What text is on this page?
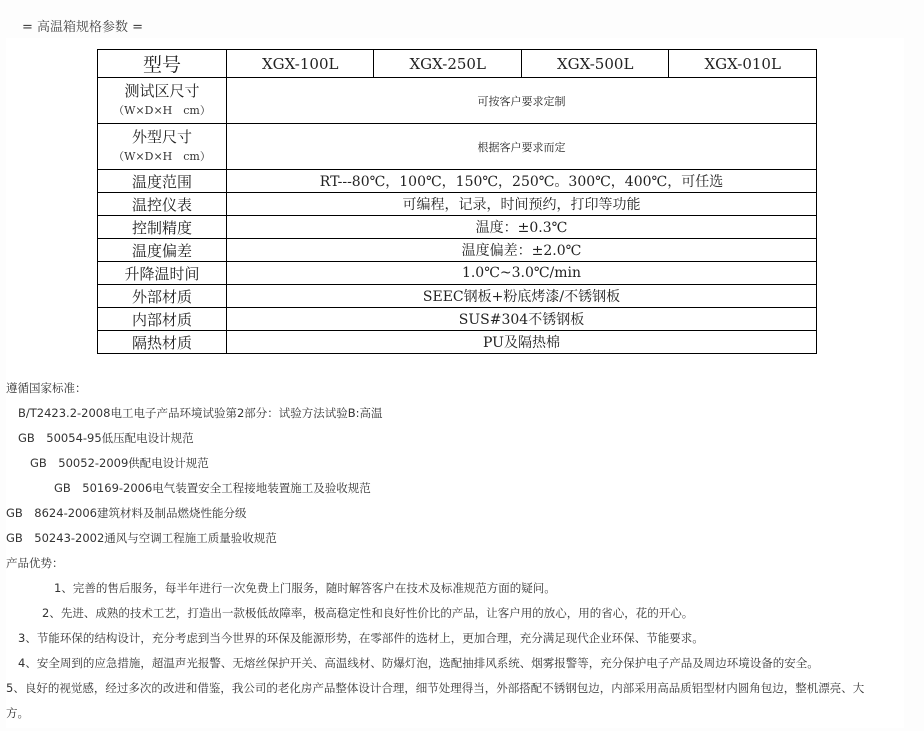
= 高温箱规格参数 =
型号	XGX-100L	XGX-250L	XGX-500L	XGX-010L

测试区尺寸
（W×D×H　cm）	可按客户要求定制			

外型尺寸
（W×D×H　cm）	根据客户要求而定			
温度范围	RT---80℃，100℃，150℃，250℃。300℃，400℃，可任选			
温控仪表	可编程，记录，时间预约，打印等功能			
控制精度	温度：±0.3℃			
温度偏差	温度偏差：±2.0℃			
升降温时间	1.0℃~3.0℃/min			
外部材质	SEEC钢板+粉底烤漆/不锈钢板			
内部材质	SUS#304不锈钢板			
隔热材质	PU及隔热棉			
遵循国家标准：
B/T2423.2-2008电工电子产品环境试验第2部分：试验方法试验B:高温
GB　50054-95低压配电设计规范
GB　50052-2009供配电设计规范
GB　50169-2006电气装置安全工程接地装置施工及验收规范
GB　8624-2006建筑材料及制品燃烧性能分级
GB　50243-2002通风与空调工程施工质量验收规范
产品优势：
1、完善的售后服务，每半年进行一次免费上门服务，随时解答客户在技术及标准规范方面的疑问。
2、先进、成熟的技术工艺，打造出一款极低故障率，极高稳定性和良好性价比的产品，让客户用的放心，用的省心，花的开心。
3、节能环保的结构设计，充分考虑到当今世界的环保及能源形势，在零部件的选材上，更加合理，充分满足现代企业环保、节能要求。
4、安全周到的应急措施，超温声光报警、无熔丝保护开关、高温线材、防爆灯泡，选配抽排风系统、烟雾报警等，充分保护电子产品及周边环境设备的安全。
5、良好的视觉感，经过多次的改进和借鉴，我公司的老化房产品整体设计合理，细节处理得当，外部搭配不锈钢包边，内部采用高品质铝型材内圆角包边，整机漂亮、大
方。
